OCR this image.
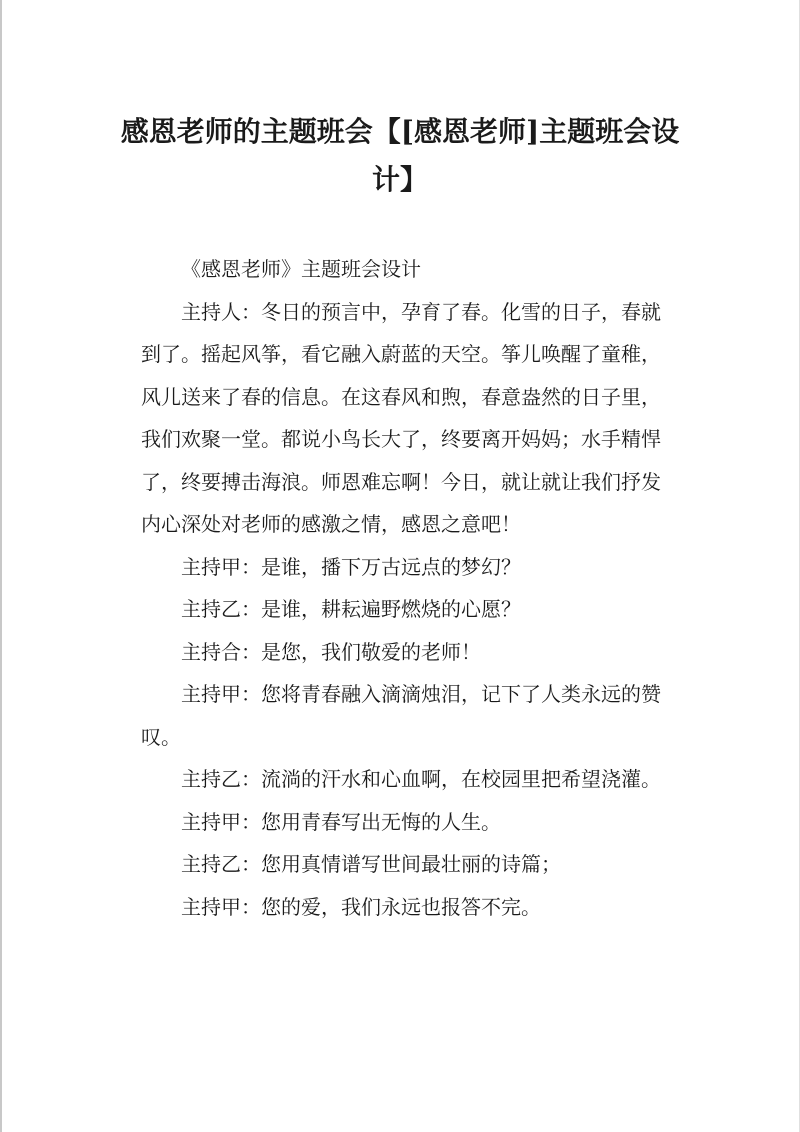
感恩老师的主题班会【[感恩老师]主题班会设计】

《感恩老师》主题班会设计

主持人：冬日的预言中，孕育了春。化雪的日子，春就到了。摇起风筝，看它融入蔚蓝的天空。筝儿唤醒了童稚，风儿送来了春的信息。在这春风和煦，春意盎然的日子里，我们欢聚一堂。都说小鸟长大了，终要离开妈妈；水手精悍了，终要搏击海浪。师恩难忘啊！今日，就让就让我们抒发内心深处对老师的感激之情，感恩之意吧！

主持甲：是谁，播下万古远点的梦幻？

主持乙：是谁，耕耘遍野燃烧的心愿？

主持合：是您，我们敬爱的老师！

主持甲：您将青春融入滴滴烛泪，记下了人类永远的赞叹。

主持乙：流淌的汗水和心血啊，在校园里把希望浇灌。

主持甲：您用青春写出无悔的人生。

主持乙：您用真情谱写世间最壮丽的诗篇；

主持甲：您的爱，我们永远也报答不完。
